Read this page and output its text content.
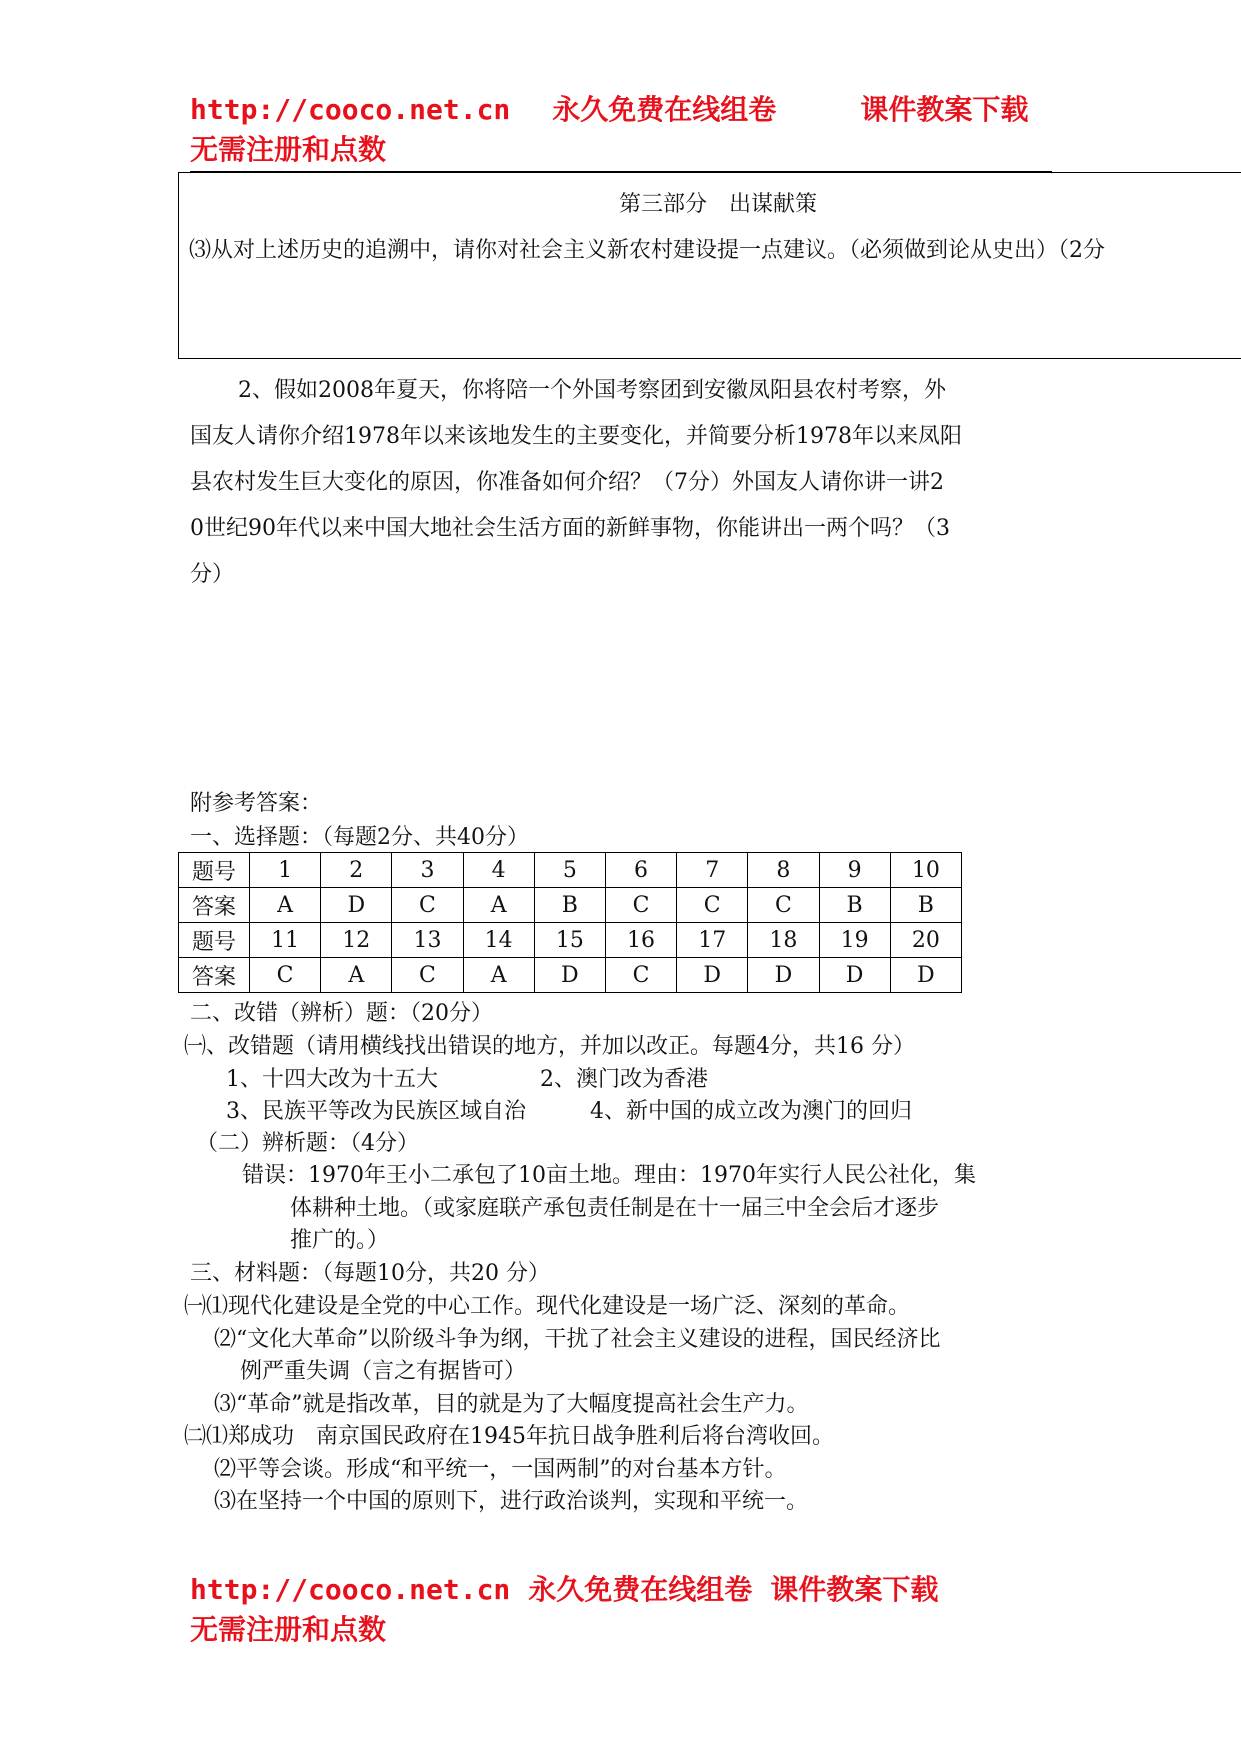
http://cooco.net.cn 永久免费在线组卷	课件教案下载
无需注册和点数
第三部分　出谋献策
⑶从对上述历史的追溯中，请你对社会主义新农村建设提一点建议。（必须做到论从史出）（2分
2、假如2008年夏天，你将陪一个外国考察团到安徽凤阳县农村考察，外
国友人请你介绍1978年以来该地发生的主要变化，并简要分析1978年以来凤阳
县农村发生巨大变化的原因，你准备如何介绍？（7分）外国友人请你讲一讲2
0世纪90年代以来中国大地社会生活方面的新鲜事物，你能讲出一两个吗？（3
分）
附参考答案：
一、选择题：（每题2分、共40分）
题号	1	2	3	4	5	6	7	8	9	10
答案	A	D	C	A	B	C	C	C	B	B
题号	11	12	13	14	15	16	17	18	19	20
答案	C	A	C	A	D	C	D	D	D	D
二、改错（辨析）题：（20分）
㈠、改错题（请用横线找出错误的地方，并加以改正。每题4分，共16 分）
1、十四大改为十五大	2、澳门改为香港
3、民族平等改为民族区域自治	4、新中国的成立改为澳门的回归
（二）辨析题：（4分）
错误：1970年王小二承包了10亩土地。理由：1970年实行人民公社化，集
体耕种土地。（或家庭联产承包责任制是在十一届三中全会后才逐步
推广的。）
三、材料题：（每题10分，共20 分）
㈠⑴现代化建设是全党的中心工作。现代化建设是一场广泛、深刻的革命。
⑵“文化大革命”以阶级斗争为纲，干扰了社会主义建设的进程，国民经济比
例严重失调（言之有据皆可）
⑶“革命”就是指改革，目的就是为了大幅度提高社会生产力。
㈡⑴郑成功　南京国民政府在1945年抗日战争胜利后将台湾收回。
⑵平等会谈。形成“和平统一，一国两制”的对台基本方针。
⑶在坚持一个中国的原则下，进行政治谈判，实现和平统一。
http://cooco.net.cn 永久免费在线组卷 课件教案下载
无需注册和点数
